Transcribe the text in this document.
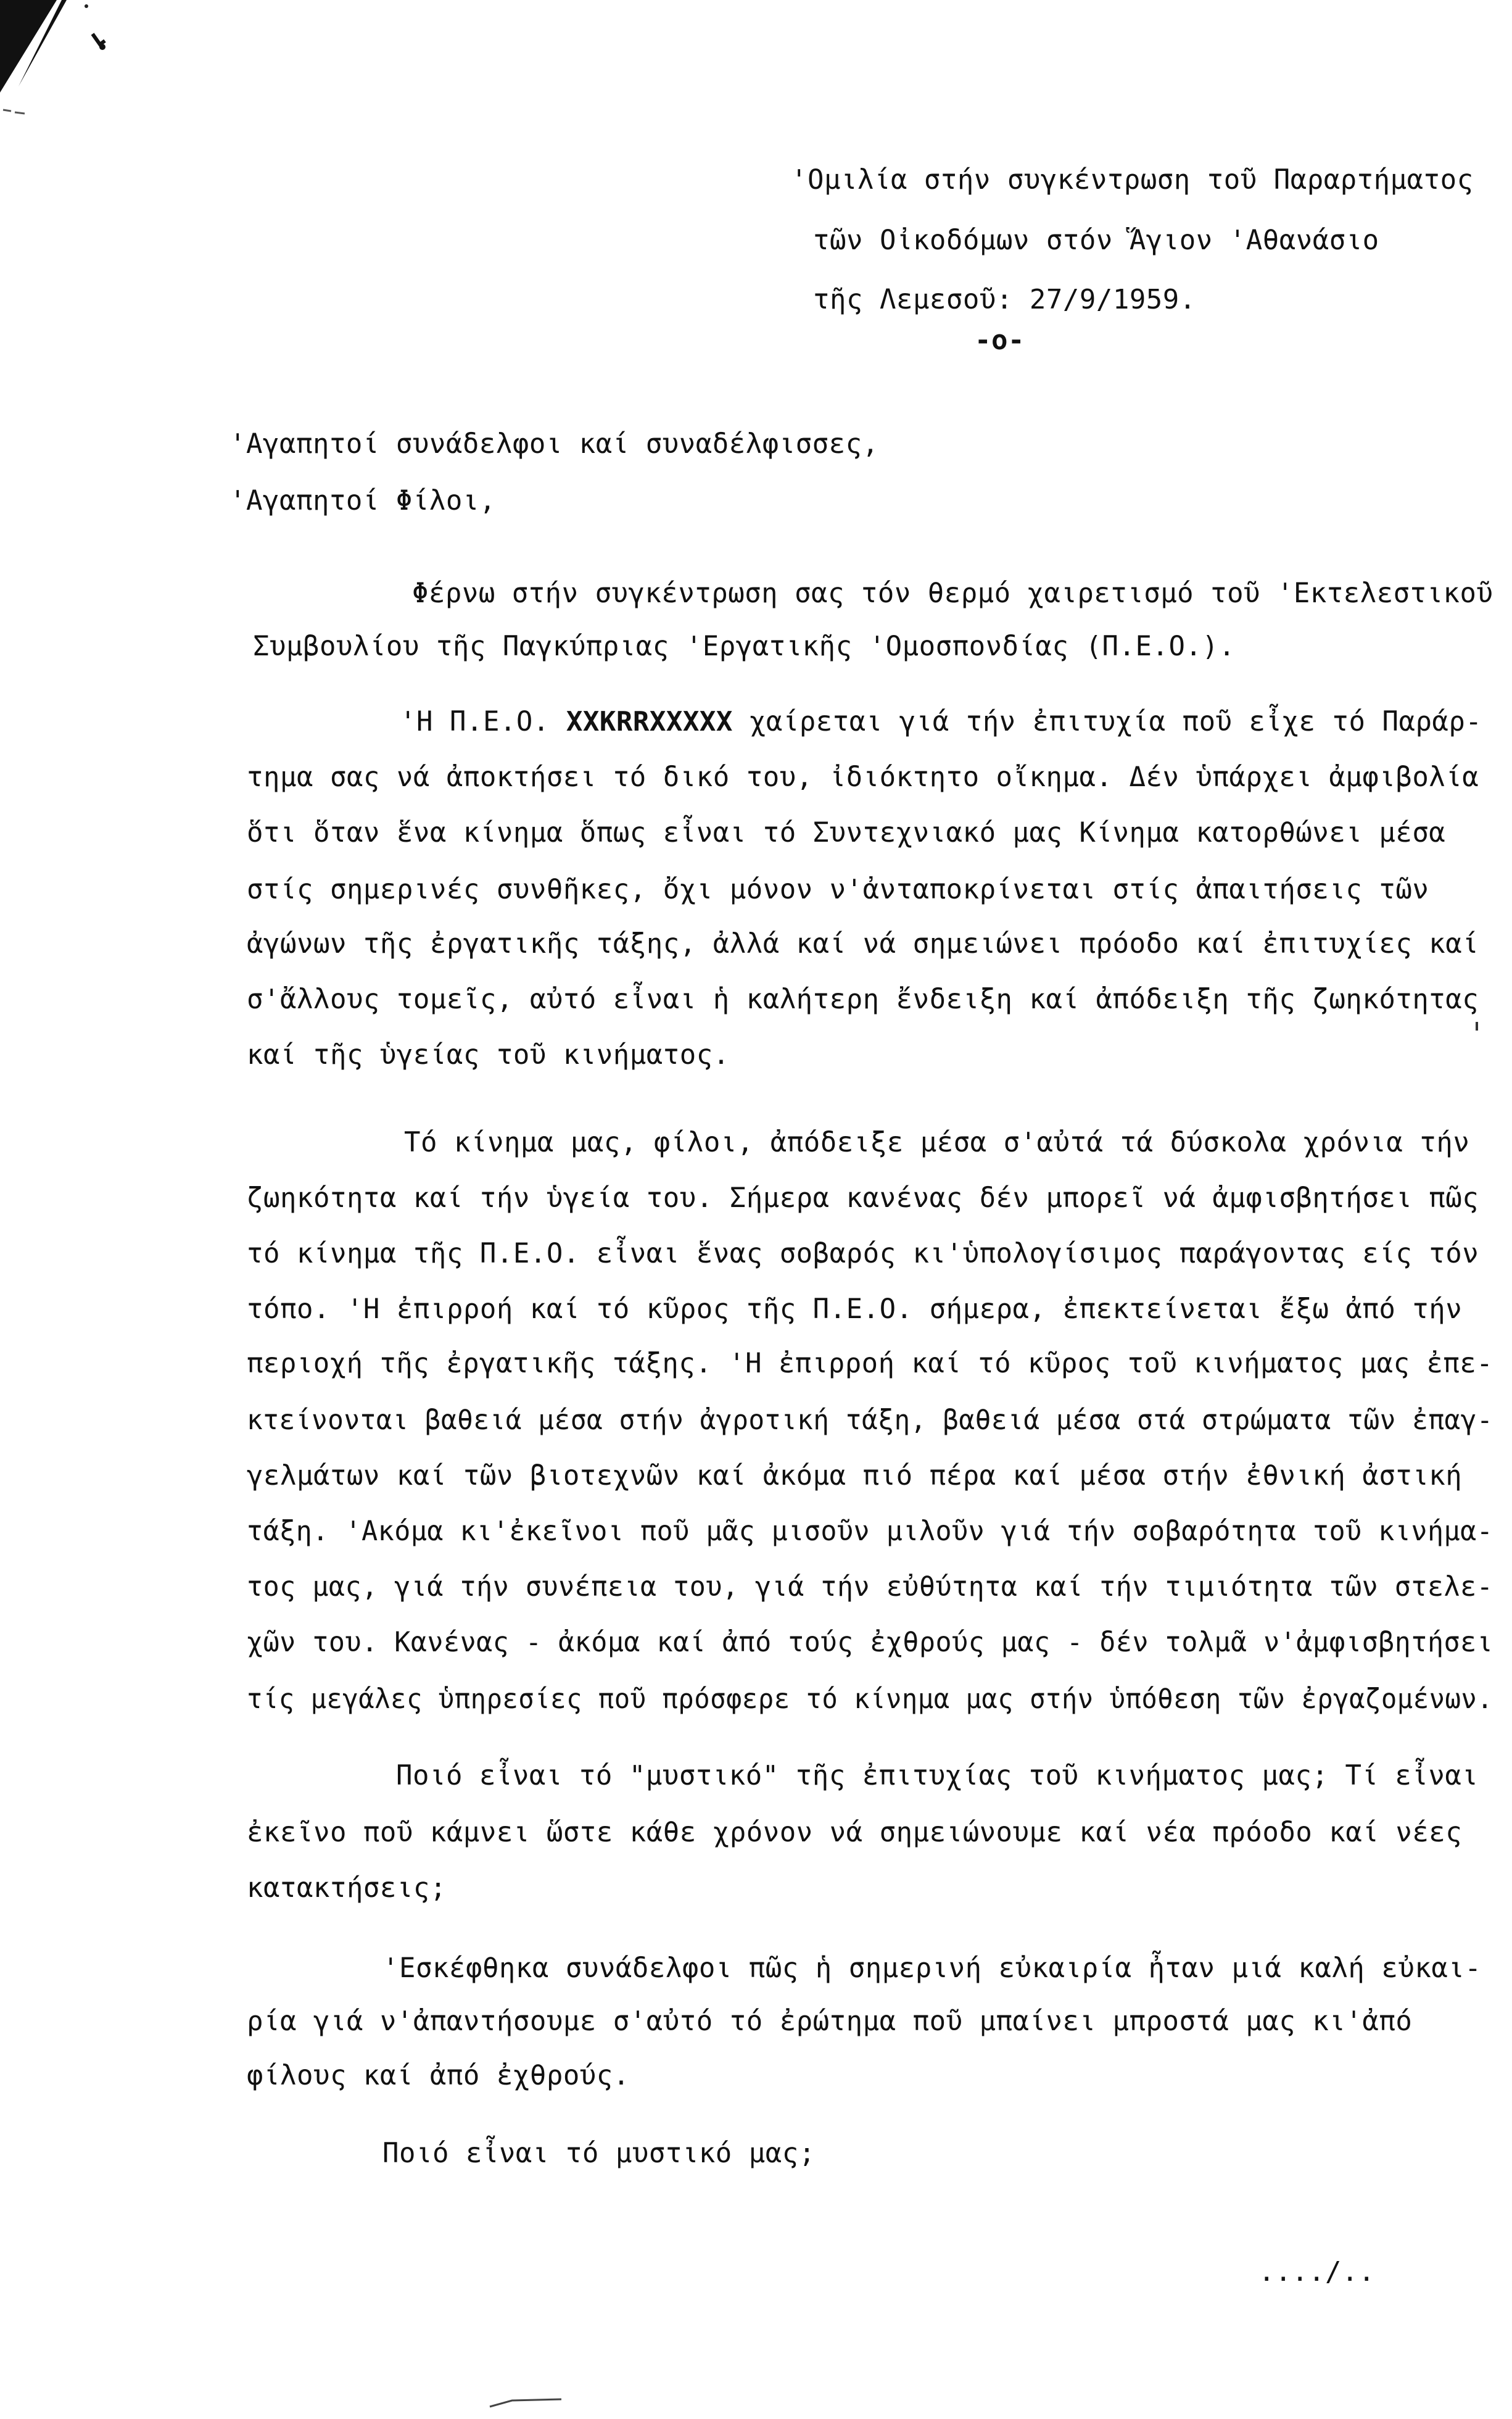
'Ομιλία στήν συγκέντρωση τοῦ Παραρτήματος
τῶν Οἰκοδόμων στόν Ἅγιον 'Αθανάσιο
τῆς Λεμεσοῦ: 27/9/1959.
-o-
'Αγαπητοί συνάδελφοι καί συναδέλφισσες,
'Αγαπητοί Φίλοι,
Φέρνω στήν συγκέντρωση σας τόν θερμό χαιρετισμό τοῦ 'Εκτελεστικοῦ
Συμβουλίου τῆς Παγκύπριας 'Εργατικῆς 'Ομοσπονδίας (Π.Ε.Ο.).
'Η Π.Ε.Ο. XXKRRXXXXX χαίρεται γιά τήν ἐπιτυχία ποῦ εἶχε τό Παράρ-
τημα σας νά ἀποκτήσει τό δικό του, ἰδιόκτητο οἴκημα. Δέν ὑπάρχει ἀμφιβολία
ὅτι ὅταν ἕνα κίνημα ὅπως εἶναι τό Συντεχνιακό μας Κίνημα κατορθώνει μέσα
στίς σημερινές συνθῆκες, ὄχι μόνον ν'ἀνταποκρίνεται στίς ἀπαιτήσεις τῶν
ἀγώνων τῆς ἐργατικῆς τάξης, ἀλλά καί νά σημειώνει πρόοδο καί ἐπιτυχίες καί
σ'ἄλλους τομεῖς, αὐτό εἶναι ἡ καλήτερη ἔνδειξη καί ἀπόδειξη τῆς ζωηκότητας
καί τῆς ὑγείας τοῦ κινήματος.
Τό κίνημα μας, φίλοι, ἀπόδειξε μέσα σ'αὐτά τά δύσκολα χρόνια τήν
ζωηκότητα καί τήν ὑγεία του. Σήμερα κανένας δέν μπορεῖ νά ἀμφισβητήσει πῶς
τό κίνημα τῆς Π.Ε.Ο. εἶναι ἕνας σοβαρός κι'ὑπολογίσιμος παράγοντας είς τόν
τόπο. 'Η ἐπιρροή καί τό κῦρος τῆς Π.Ε.Ο. σήμερα, ἐπεκτείνεται ἔξω ἀπό τήν
περιοχή τῆς ἐργατικῆς τάξης. 'Η ἐπιρροή καί τό κῦρος τοῦ κινήματος μας ἐπε-
κτείνονται βαθειά μέσα στήν ἀγροτική τάξη, βαθειά μέσα στά στρώματα τῶν ἐπαγ-
γελμάτων καί τῶν βιοτεχνῶν καί ἀκόμα πιό πέρα καί μέσα στήν ἐθνική ἀστική
τάξη. 'Ακόμα κι'ἐκεῖνοι ποῦ μᾶς μισοῦν μιλοῦν γιά τήν σοβαρότητα τοῦ κινήμα-
τος μας, γιά τήν συνέπεια του, γιά τήν εὐθύτητα καί τήν τιμιότητα τῶν στελε-
χῶν του. Κανένας - ἀκόμα καί ἀπό τούς ἐχθρούς μας - δέν τολμᾶ ν'ἀμφισβητήσει
τίς μεγάλες ὑπηρεσίες ποῦ πρόσφερε τό κίνημα μας στήν ὑπόθεση τῶν ἐργαζομένων.
Ποιό εἶναι τό "μυστικό" τῆς ἐπιτυχίας τοῦ κινήματος μας; Τί εἶναι
ἐκεῖνο ποῦ κάμνει ὥστε κάθε χρόνον νά σημειώνουμε καί νέα πρόοδο καί νέες
κατακτήσεις;
'Εσκέφθηκα συνάδελφοι πῶς ἡ σημερινή εὐκαιρία ἦταν μιά καλή εὐκαι-
ρία γιά ν'ἀπαντήσουμε σ'αὐτό τό ἐρώτημα ποῦ μπαίνει μπροστά μας κι'ἀπό
φίλους καί ἀπό ἐχθρούς.
Ποιό εἶναι τό μυστικό μας;
..../..
